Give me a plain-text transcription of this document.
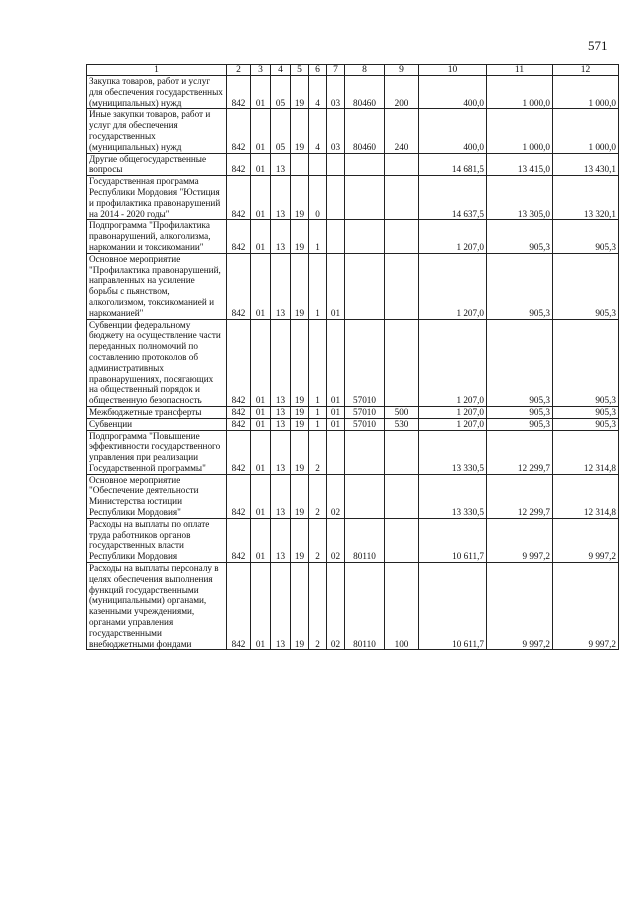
571
1	2	3	4	5	6	7	8	9	10	11	12
Закупка товаров, работ и услуг для обеспечения государственных (муниципальных) нужд	842	01	05	19	4	03	80460	200	400,0	1 000,0	1 000,0
Иные закупки товаров, работ и услуг для обеспечения государственных (муниципальных) нужд	842	01	05	19	4	03	80460	240	400,0	1 000,0	1 000,0
Другие общегосударственные вопросы	842	01	13						14 681,5	13 415,0	13 430,1
Государственная программа Республики Мордовия "Юстиция и профилактика правонарушений на 2014 - 2020 годы"	842	01	13	19	0				14 637,5	13 305,0	13 320,1
Подпрограмма "Профилактика правонарушений, алкоголизма, наркомании и токсикомании"	842	01	13	19	1				1 207,0	905,3	905,3
Основное мероприятие "Профилактика правонарушений, направленных на усиление борьбы с пьянством, алкоголизмом, токсикоманией и наркоманией"	842	01	13	19	1	01			1 207,0	905,3	905,3
Субвенции федеральному бюджету на осуществление части переданных полномочий по составлению протоколов об административных правонарушениях, посягающих на общественный порядок и общественную безопасность	842	01	13	19	1	01	57010		1 207,0	905,3	905,3
Межбюджетные трансферты	842	01	13	19	1	01	57010	500	1 207,0	905,3	905,3
Субвенции	842	01	13	19	1	01	57010	530	1 207,0	905,3	905,3
Подпрограмма "Повышение эффективности государственного управления при реализации Государственной программы"	842	01	13	19	2				13 330,5	12 299,7	12 314,8
Основное мероприятие "Обеспечение деятельности Министерства юстиции Республики Мордовия"	842	01	13	19	2	02			13 330,5	12 299,7	12 314,8
Расходы на выплаты по оплате труда работников органов государственных власти Республики Мордовия	842	01	13	19	2	02	80110		10 611,7	9 997,2	9 997,2
Расходы на выплаты персоналу в целях обеспечения выполнения функций государственными (муниципальными) органами, казенными учреждениями, органами управления государственными внебюджетными фондами	842	01	13	19	2	02	80110	100	10 611,7	9 997,2	9 997,2
